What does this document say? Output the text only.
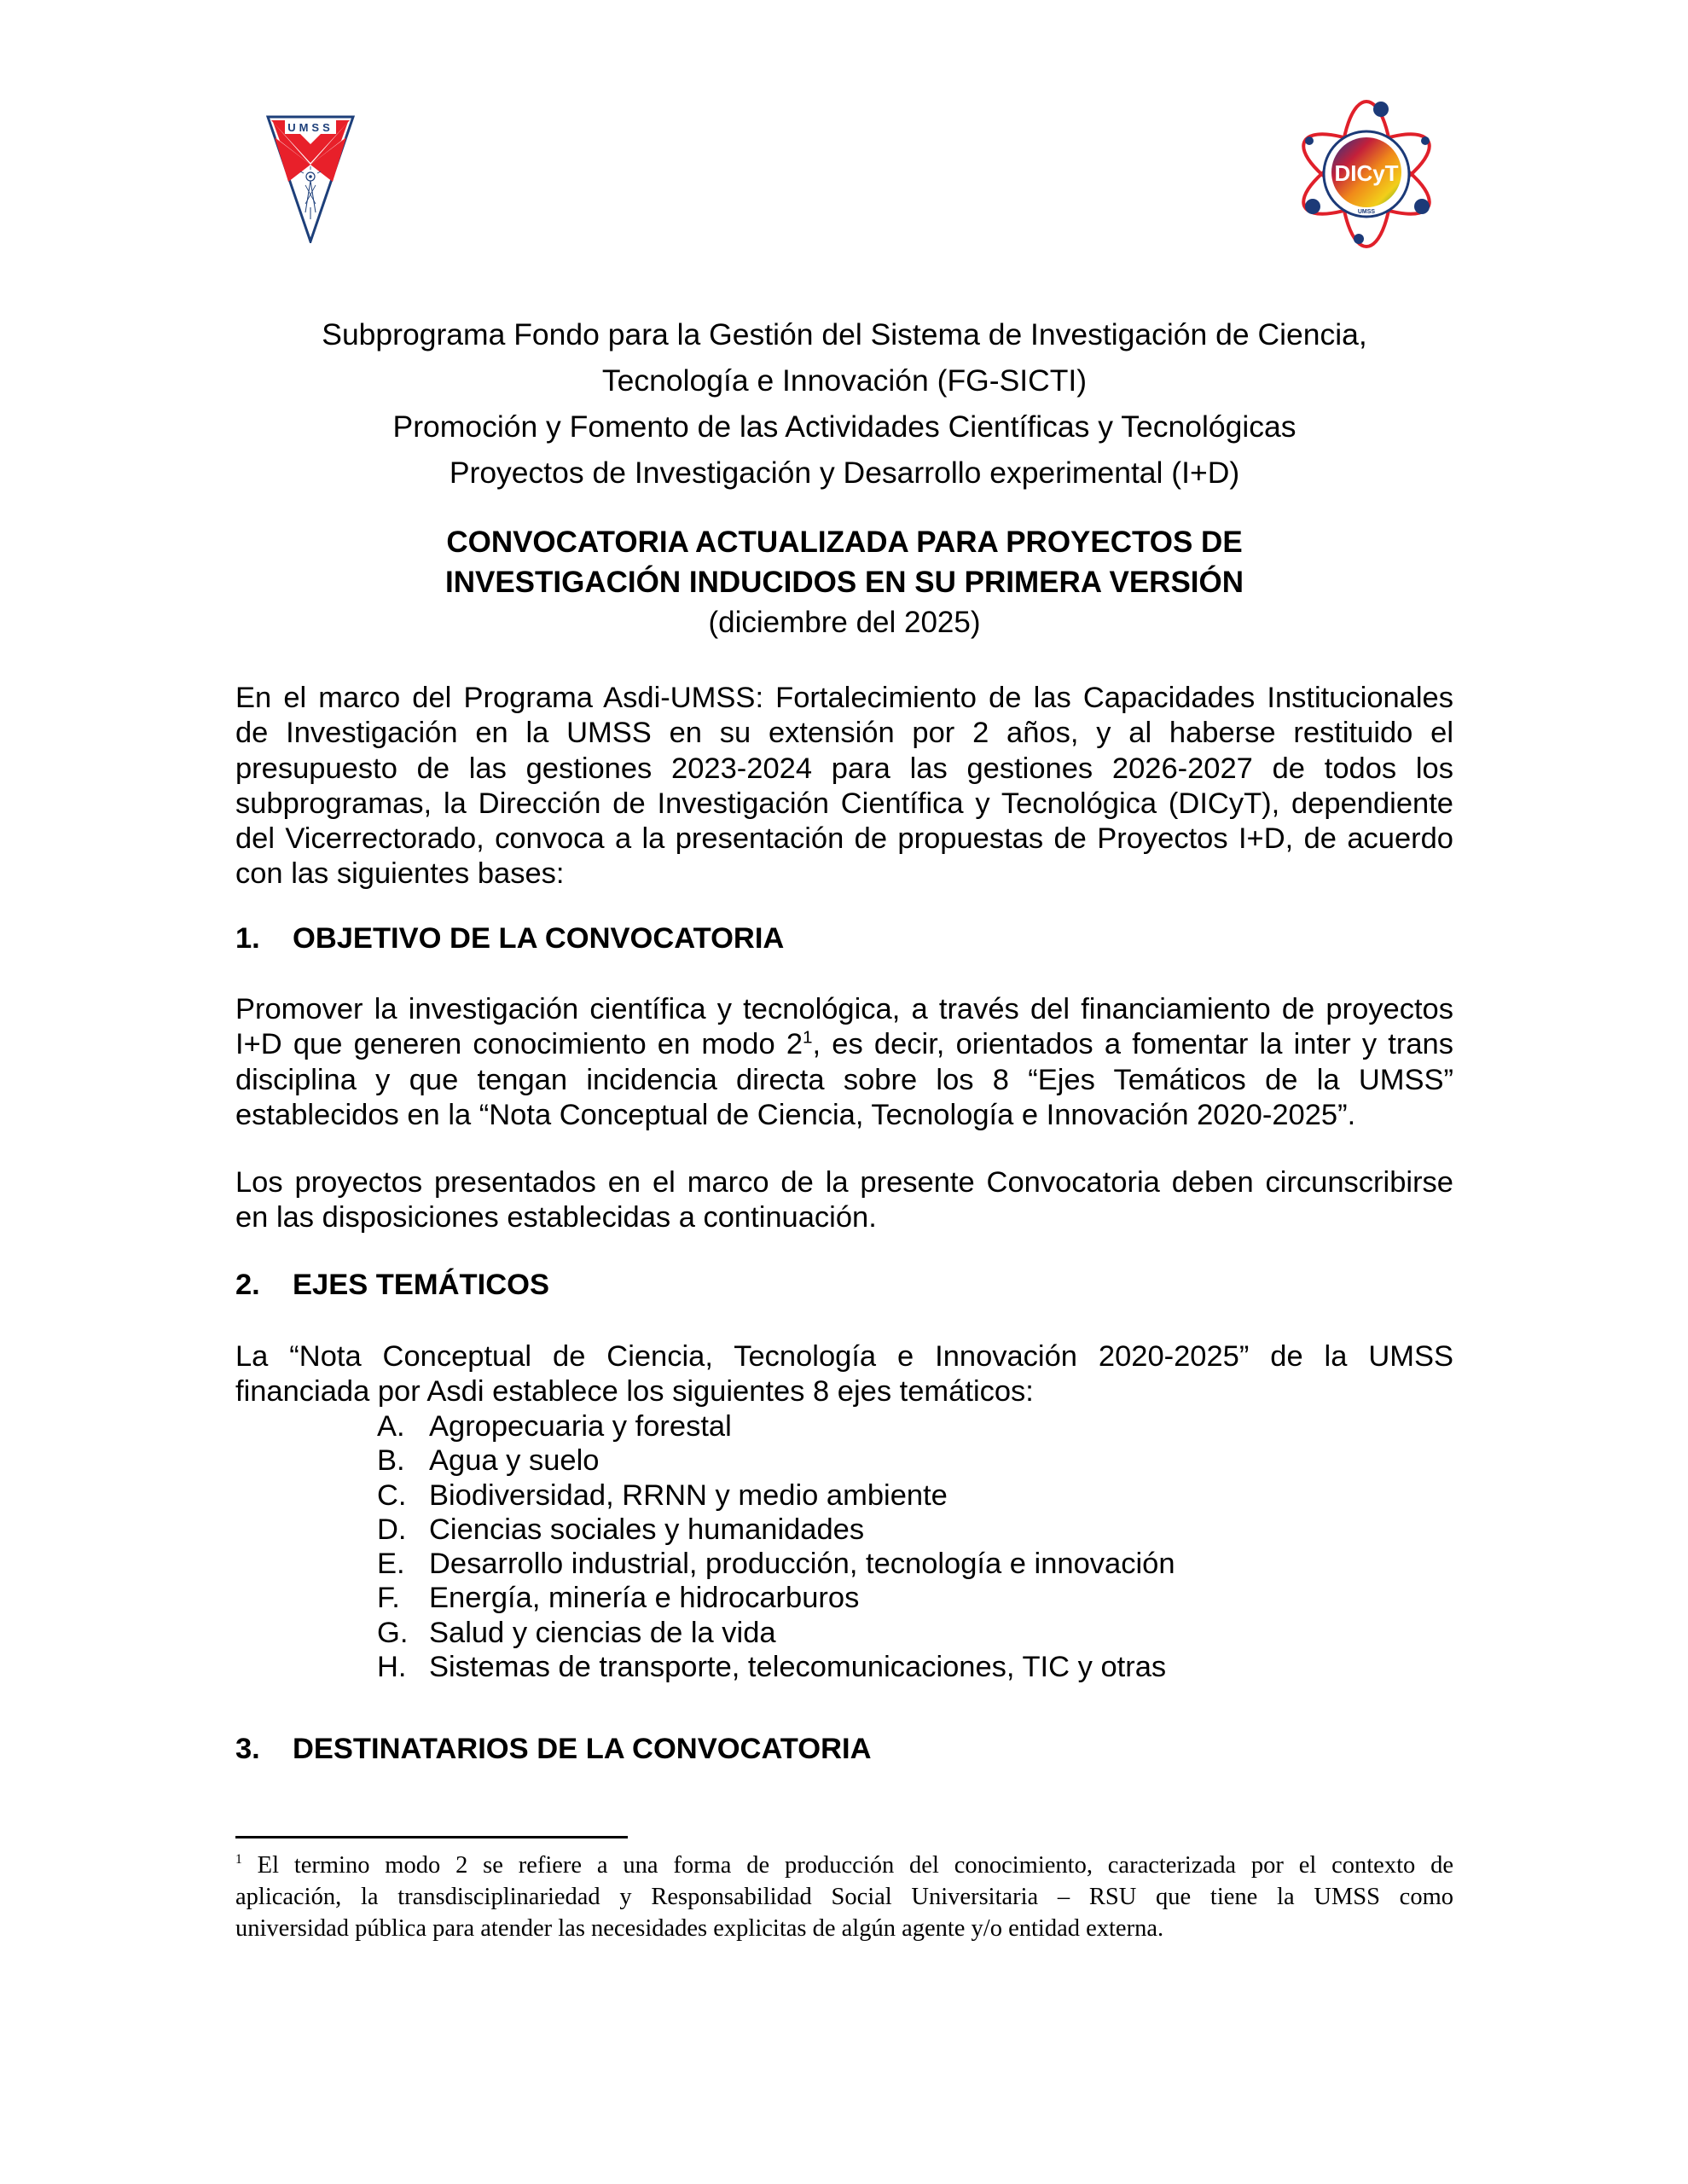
UMSS
DICyT
UMSS
Subprograma Fondo para la Gestión del Sistema de Investigación de Ciencia,
Tecnología e Innovación (FG-SICTI)
Promoción y Fomento de las Actividades Científicas y Tecnológicas
Proyectos de Investigación y Desarrollo experimental (I+D)
CONVOCATORIA ACTUALIZADA PARA PROYECTOS DE
INVESTIGACIÓN INDUCIDOS EN SU PRIMERA VERSIÓN
(diciembre del 2025)
En el marco del Programa Asdi-UMSS: Fortalecimiento de las Capacidades Institucionales
de Investigación en la UMSS en su extensión por 2 años, y al haberse restituido el
presupuesto de las gestiones 2023-2024 para las gestiones 2026-2027 de todos los
subprogramas, la Dirección de Investigación Científica y Tecnológica (DICyT), dependiente
del Vicerrectorado, convoca a la presentación de propuestas de Proyectos I+D, de acuerdo
con las siguientes bases:
1. OBJETIVO DE LA CONVOCATORIA
Promover la investigación científica y tecnológica, a través del financiamiento de proyectos
I+D que generen conocimiento en modo $2^1$, es decir, orientados a fomentar la inter y trans
disciplina y que tengan incidencia directa sobre los 8 “Ejes Temáticos de la UMSS”
establecidos en la “Nota Conceptual de Ciencia, Tecnología e Innovación 2020-2025”.
Los proyectos presentados en el marco de la presente Convocatoria deben circunscribirse
en las disposiciones establecidas a continuación.
2. EJES TEMÁTICOS
La “Nota Conceptual de Ciencia, Tecnología e Innovación 2020-2025” de la UMSS
financiada por Asdi establece los siguientes 8 ejes temáticos:
A. Agropecuaria y forestal
B. Agua y suelo
C. Biodiversidad, RRNN y medio ambiente
D. Ciencias sociales y humanidades
E. Desarrollo industrial, producción, tecnología e innovación
F. Energía, minería e hidrocarburos
G. Salud y ciencias de la vida
H. Sistemas de transporte, telecomunicaciones, TIC y otras
3. DESTINATARIOS DE LA CONVOCATORIA
$^1$ El termino modo 2 se refiere a una forma de producción del conocimiento, caracterizada por el contexto de
aplicación, la transdisciplinariedad y Responsabilidad Social Universitaria – RSU que tiene la UMSS como
universidad pública para atender las necesidades explicitas de algún agente y/o entidad externa.
